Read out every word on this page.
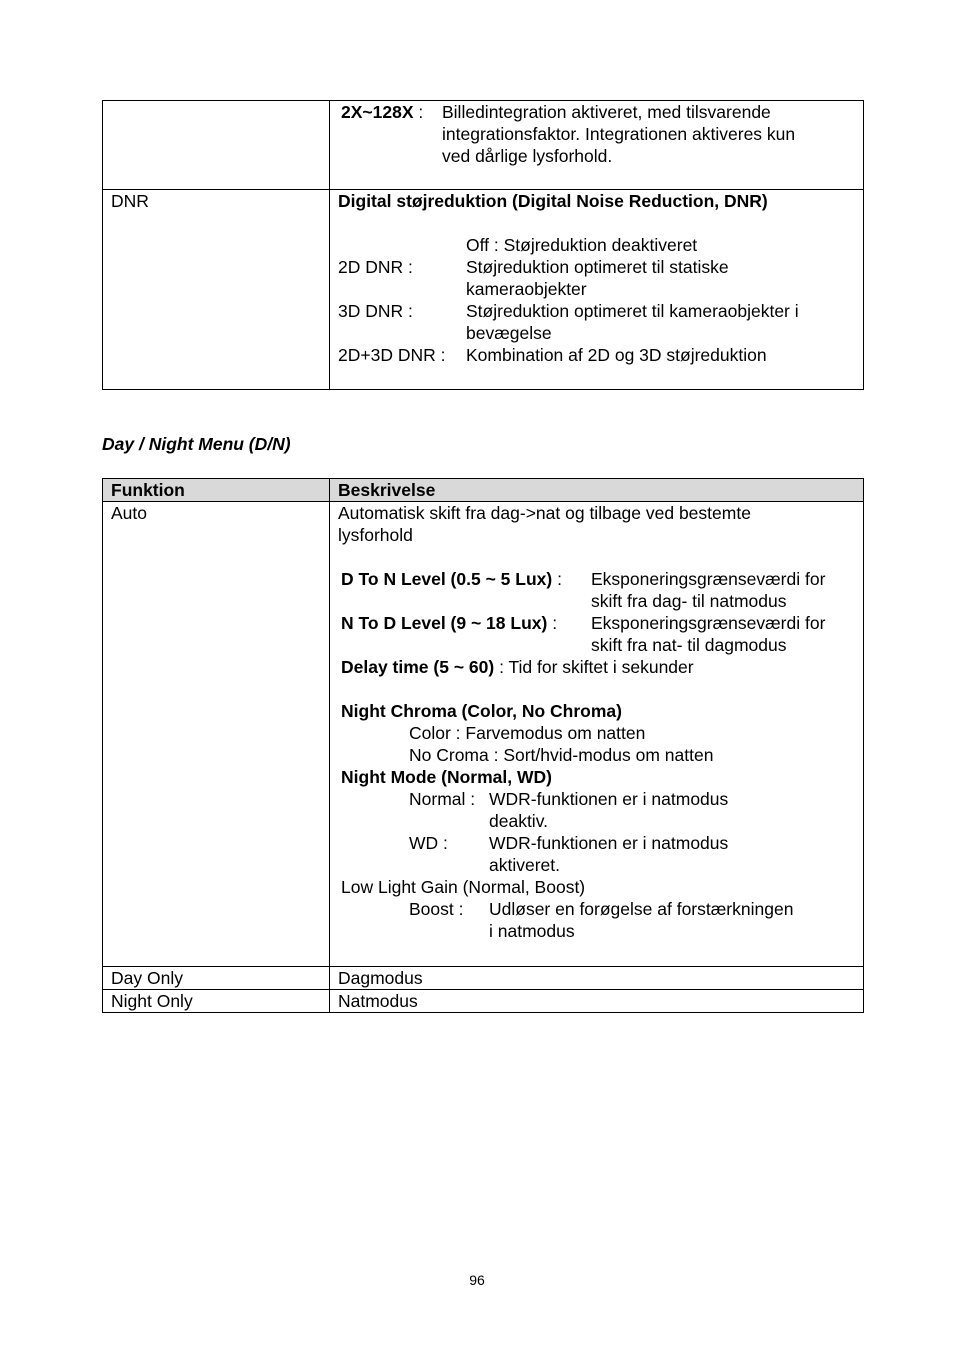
2X~128X :	Billedintegration aktiveret, med tilsvarende
integrationsfaktor. Integrationen aktiveres kun
ved dårlige lysforhold.
DNR	Digital støjreduktion (Digital Noise Reduction, DNR)
Off : Støjreduktion deaktiveret
2D DNR :	Støjreduktion optimeret til statiske
kameraobjekter
3D DNR :	Støjreduktion optimeret til kameraobjekter i
bevægelse
2D+3D DNR :	Kombination af 2D og 3D støjreduktion
Day / Night Menu (D/N)
Funktion	Beskrivelse
Auto	Automatisk skift fra dag->nat og tilbage ved bestemte
lysforhold
D To N Level (0.5 ~ 5 Lux) :	Eksponeringsgrænseværdi for
skift fra dag- til natmodus
N To D Level (9 ~ 18 Lux) :	Eksponeringsgrænseværdi for
skift fra nat- til dagmodus
Delay time (5 ~ 60) : Tid for skiftet i sekunder
Night Chroma (Color, No Chroma)
Color : Farvemodus om natten
No Croma : Sort/hvid-modus om natten
Night Mode (Normal, WD)
Normal : WDR-funktionen er i natmodus
deaktiv.
WD :	WDR-funktionen er i natmodus
aktiveret.
Low Light Gain (Normal, Boost)
Boost :	Udløser en forøgelse af forstærkningen
i natmodus
Day Only	Dagmodus
Night Only	Natmodus
96
